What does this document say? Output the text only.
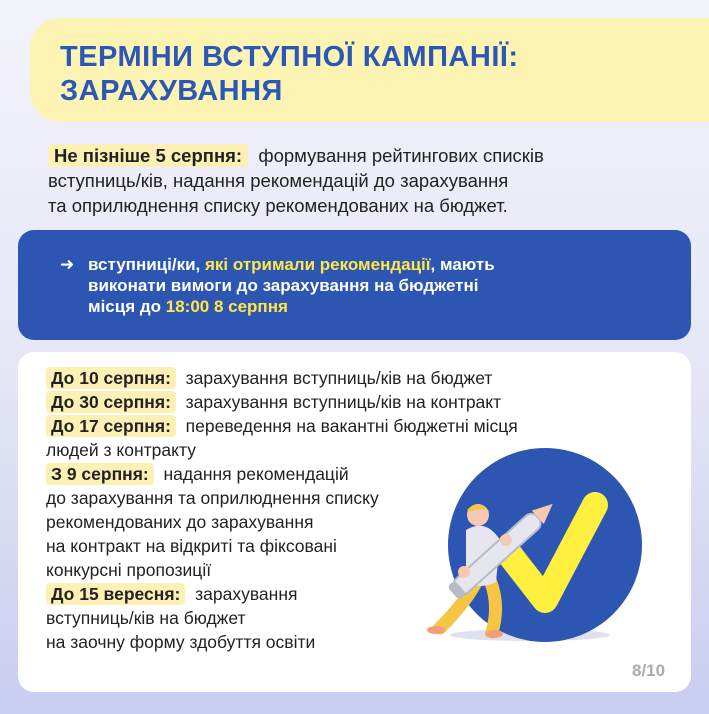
ТЕРМІНИ ВСТУПНОЇ КАМПАНІЇ:
ЗАРАХУВАННЯ
Не пізніше 5 серпня: формування рейтингових списків
вступниць/ків, надання рекомендацій до зарахування
та оприлюднення списку рекомендованих на бюджет.
➜ вступниці/ки, які отримали рекомендації, мають
виконати вимоги до зарахування на бюджетні
місця до 18:00 8 серпня
До 10 серпня: зарахування вступниць/ків на бюджет
До 30 серпня: зарахування вступниць/ків на контракт
До 17 серпня: переведення на вакантні бюджетні місця
людей з контракту
З 9 серпня: надання рекомендацій
до зарахування та оприлюднення списку
рекомендованих до зарахування
на контракт на відкриті та фіксовані
конкурсні пропозиції
До 15 вересня: зарахування
вступниць/ків на бюджет
на заочну форму здобуття освіти
8/10
